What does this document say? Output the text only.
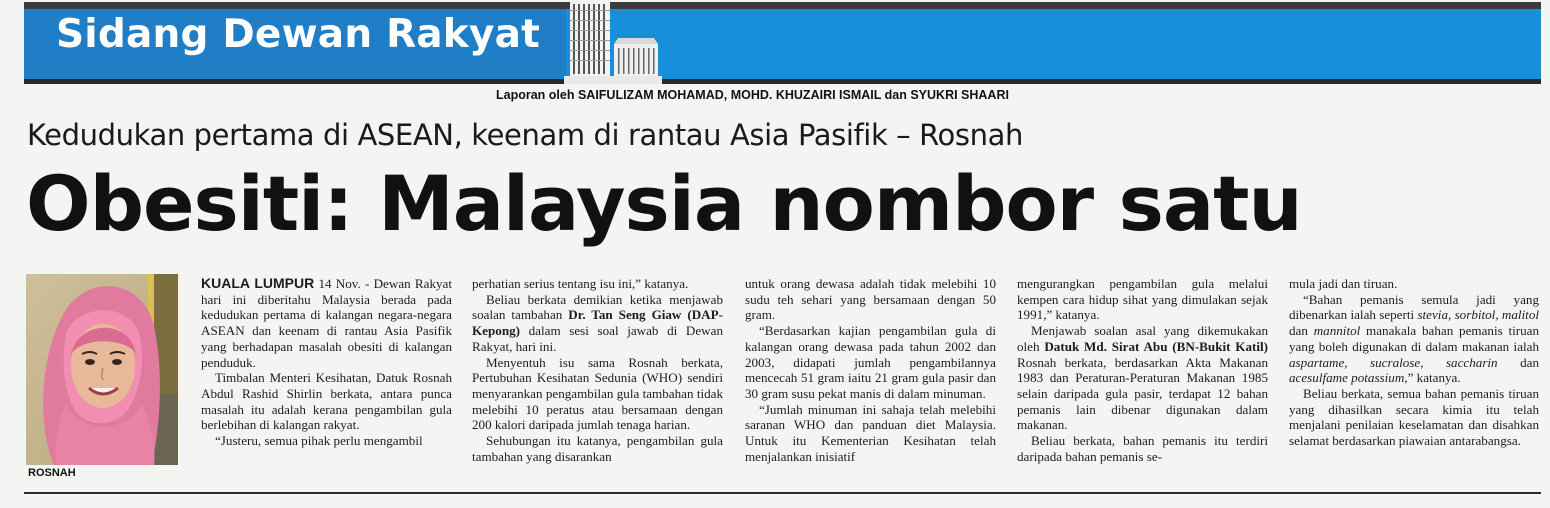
Sidang Dewan Rakyat
Laporan oleh SAIFULIZAM MOHAMAD, MOHD. KHUZAIRI ISMAIL dan SYUKRI SHAARI
Kedudukan pertama di ASEAN, keenam di rantau Asia Pasifik – Rosnah
Obesiti: Malaysia nombor satu
ROSNAH

KUALA LUMPUR 14 Nov. - Dewan Rakyat hari ini diberitahu Malaysia berada pada kedudukan pertama di kalangan negara-negara ASEAN dan keenam di rantau Asia Pasifik yang berhadapan masalah obesiti di kalangan penduduk.

Timbalan Menteri Kesihatan, Datuk Rosnah Abdul Rashid Shirlin berkata, antara punca masalah itu adalah kerana pengambilan gula berlebihan di kalangan rakyat.

“Justeru, semua pihak perlu mengambil

perhatian serius tentang isu ini,” katanya.

Beliau berkata demikian ketika menjawab soalan tambahan Dr. Tan Seng Giaw (DAP-Kepong) dalam sesi soal jawab di Dewan Rakyat, hari ini.

Menyentuh isu sama Rosnah berkata, Pertubuhan Kesihatan Sedunia (WHO) sendiri menyarankan pengambilan gula tambahan tidak melebihi 10 peratus atau bersamaan dengan 200 kalori daripada jumlah tenaga harian.

Sehubungan itu katanya, pengambilan gula tambahan yang disarankan

untuk orang dewasa adalah tidak melebihi 10 sudu teh sehari yang bersamaan dengan 50 gram.

“Berdasarkan kajian pengambilan gula di kalangan orang dewasa pada tahun 2002 dan 2003, didapati jumlah pengambilannya mencecah 51 gram iaitu 21 gram gula pasir dan 30 gram susu pekat manis di dalam minuman.

“Jumlah minuman ini sahaja telah melebihi saranan WHO dan panduan diet Malaysia. Untuk itu Kementerian Kesihatan telah menjalankan inisiatif

mengurangkan pengambilan gula melalui kempen cara hidup sihat yang dimulakan sejak 1991,” katanya.

Menjawab soalan asal yang dikemukakan oleh Datuk Md. Sirat Abu (BN-Bukit Katil) Rosnah berkata, berdasarkan Akta Makanan 1983 dan Peraturan-Peraturan Makanan 1985 selain daripada gula pasir, terdapat 12 bahan pemanis lain dibenar digunakan dalam makanan.

Beliau berkata, bahan pemanis itu terdiri daripada bahan pemanis se-

mula jadi dan tiruan.

“Bahan pemanis semula jadi yang dibenarkan ialah seperti stevia, sorbitol, malitol dan mannitol manakala bahan pemanis tiruan yang boleh digunakan di dalam makanan ialah aspartame, sucralose, saccharin dan acesulfame potassium,” katanya.

Beliau berkata, semua bahan pemanis tiruan yang dihasilkan secara kimia itu telah menjalani penilaian keselamatan dan disahkan selamat berdasarkan piawaian antarabangsa.
